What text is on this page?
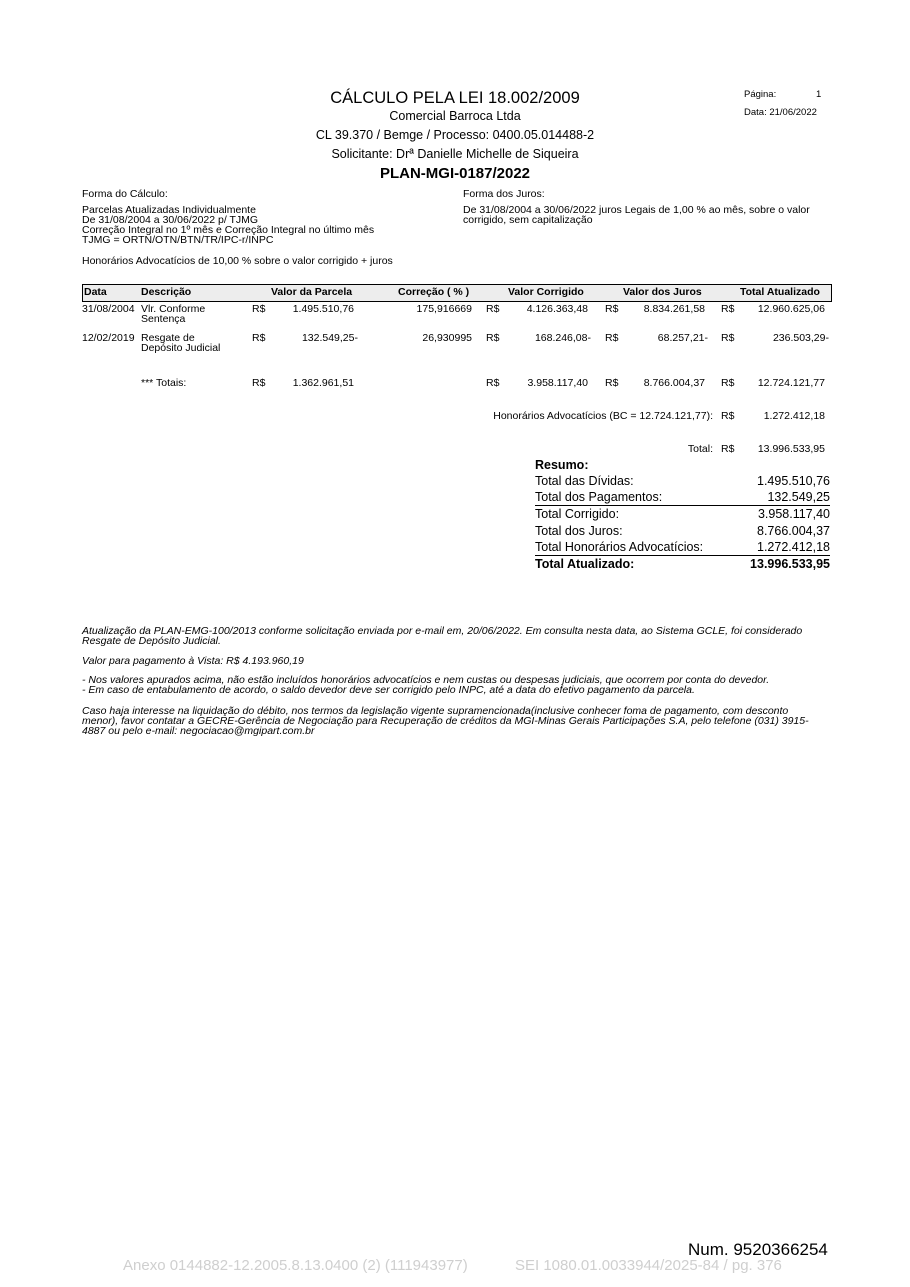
CÁLCULO PELA LEI 18.002/2009
Comercial Barroca Ltda
CL 39.370 / Bemge / Processo: 0400.05.014488-2
Solicitante: Drª Danielle Michelle de Siqueira
PLAN-MGI-0187/2022
Página:	1
Data: 21/06/2022
Forma do Cálculo:
Parcelas Atualizadas Individualmente
De 31/08/2004 a 30/06/2022 p/ TJMG
Correção Integral no 1º mês e Correção Integral no último mês
TJMG = ORTN/OTN/BTN/TR/IPC-r/INPC
Forma dos Juros:
De 31/08/2004 a 30/06/2022 juros Legais de 1,00 % ao mês, sobre o valor corrigido, sem capitalização
Honorários Advocatícios de 10,00 % sobre o valor corrigido + juros
Data	Descrição	Valor da Parcela	Correção ( % )	Valor Corrigido	Valor dos Juros	Total Atualizado
31/08/2004 Vlr. Conforme
Sentença
R$	1.495.510,76	175,916669 R$	4.126.363,48 R$	8.834.261,58 R$	12.960.625,06
12/02/2019 Resgate de
Depósito Judicial
R$	132.549,25-	26,930995 R$	168.246,08- R$	68.257,21- R$	236.503,29-
*** Totais:	R$	1.362.961,51	R$	3.958.117,40 R$	8.766.004,37 R$	12.724.121,77
Honorários Advocatícios (BC = 12.724.121,77): R$	1.272.412,18
Total: R$	13.996.533,95
Resumo:
Total das Dívidas:	1.495.510,76
Total dos Pagamentos:	132.549,25
Total Corrigido:	3.958.117,40
Total dos Juros:	8.766.004,37
Total Honorários Advocatícios:	1.272.412,18
Total Atualizado:	13.996.533,95
Atualização da PLAN-EMG-100/2013 conforme solicitação enviada por e-mail em, 20/06/2022. Em consulta nesta data, ao Sistema GCLE, foi considerado Resgate de Depósito Judicial.
Valor para pagamento à Vista: R$ 4.193.960,19
- Nos valores apurados acima, não estão incluídos honorários advocatícios e nem custas ou despesas judiciais, que ocorrem por conta do devedor.
- Em caso de entabulamento de acordo, o saldo devedor deve ser corrigido pelo INPC, até a data do efetivo pagamento da parcela.
Caso haja interesse na liquidação do débito, nos termos da legislação vigente supramencionada(inclusive conhecer foma de pagamento, com desconto menor), favor contatar a GECRE-Gerência de Negociação para Recuperação de créditos da MGI-Minas Gerais Participações S.A, pelo telefone (031) 3915-4887 ou pelo e-mail: negociacao@mgipart.com.br
Num. 9520366254
Anexo 0144882-12.2005.8.13.0400 (2) (111943977)	SEI 1080.01.0033944/2025-84 / pg. 376
